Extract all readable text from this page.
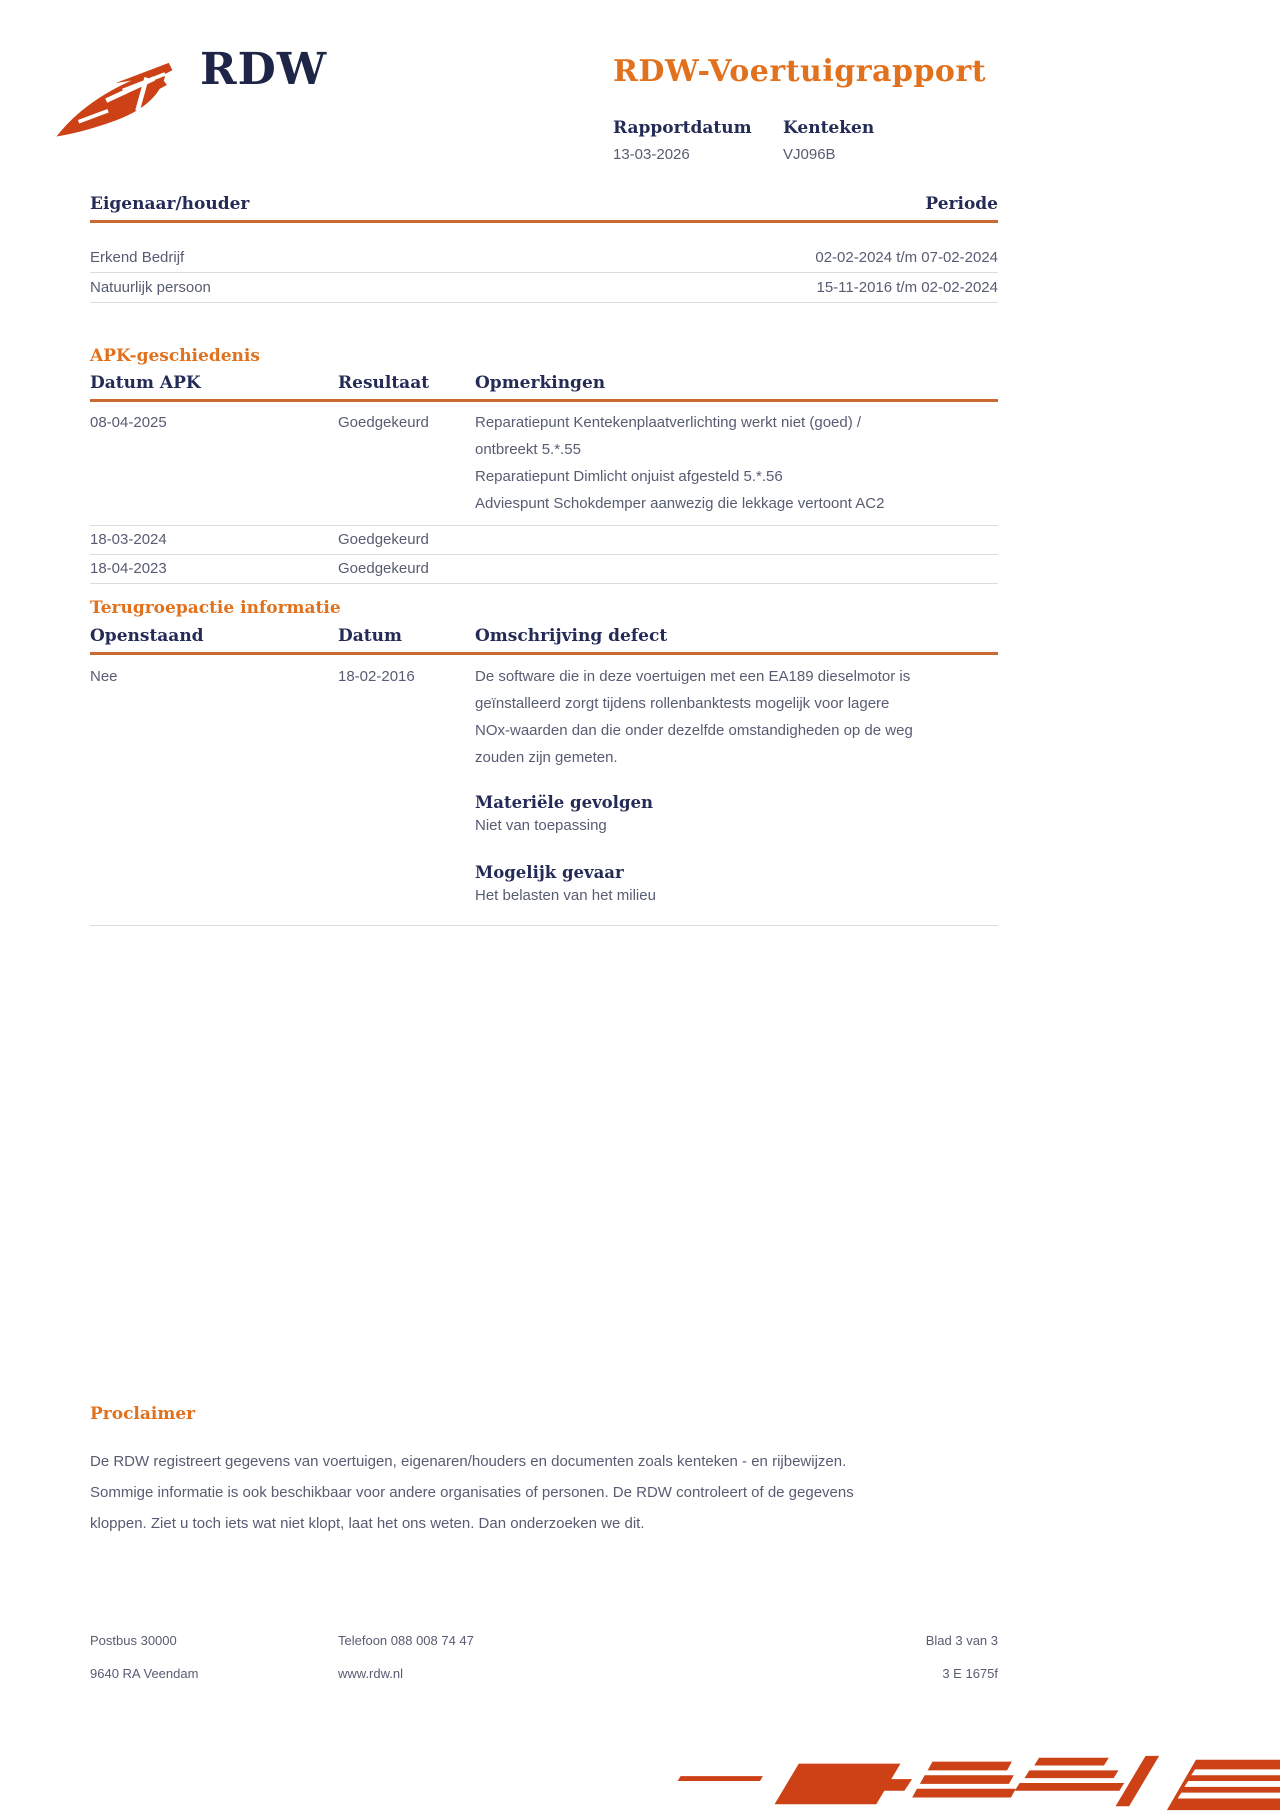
RDW	RDW-Voertuigrapport
Rapportdatum Kenteken
13-03-2026	VJ096B
Eigenaar/houder	Periode
Erkend Bedrijf	02-02-2024 t/m 07-02-2024
Natuurlijk persoon	15-11-2016 t/m 02-02-2024
APK-geschiedenis
Datum APK	Resultaat	Opmerkingen
08-04-2025	Goedgekeurd	Reparatiepunt Kentekenplaatverlichting werkt niet (goed) /
ontbreekt 5.*.55
Reparatiepunt Dimlicht onjuist afgesteld 5.*.56
Adviespunt Schokdemper aanwezig die lekkage vertoont AC2
18-03-2024	Goedgekeurd
18-04-2023	Goedgekeurd
Terugroepactie informatie
Openstaand	Datum	Omschrijving defect
Nee	18-02-2016	De software die in deze voertuigen met een EA189 dieselmotor is
geïnstalleerd zorgt tijdens rollenbanktests mogelijk voor lagere
NOx-waarden dan die onder dezelfde omstandigheden op de weg
zouden zijn gemeten.
Materiële gevolgen
Niet van toepassing
Mogelijk gevaar
Het belasten van het milieu
Proclaimer
De RDW registreert gegevens van voertuigen, eigenaren/houders en documenten zoals kenteken - en rijbewijzen.
Sommige informatie is ook beschikbaar voor andere organisaties of personen. De RDW controleert of de gegevens
kloppen. Ziet u toch iets wat niet klopt, laat het ons weten. Dan onderzoeken we dit.
Postbus 30000	Telefoon 088 008 74 47	Blad 3 van 3
9640 RA Veendam	www.rdw.nl	3 E 1675f
